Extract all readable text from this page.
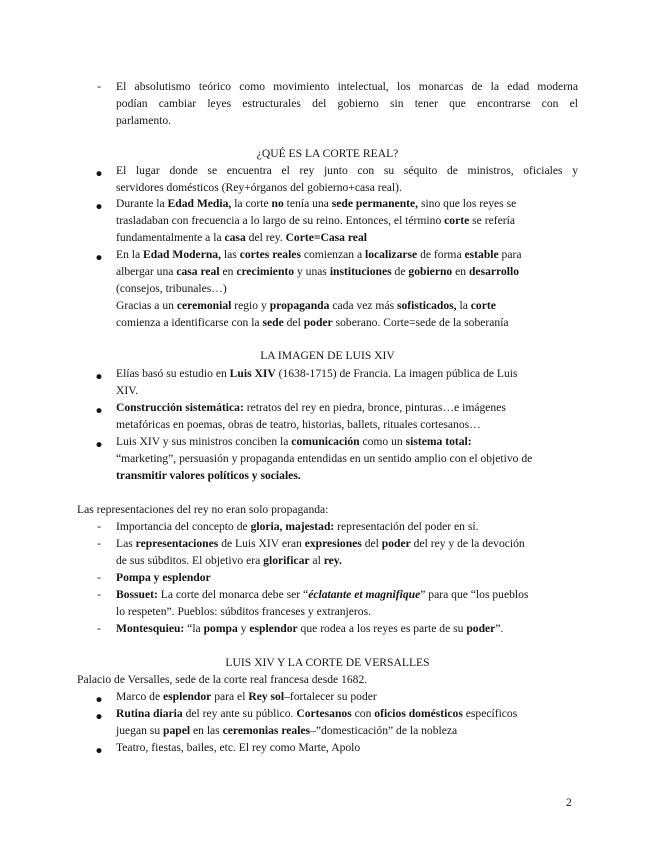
-	El absolutismo teórico como movimiento intelectual, los monarcas de la edad moderna

podían cambiar leyes estructurales del gobierno sin tener que encontrarse con el

parlamento.

¿QUÉ ES LA CORTE REAL?
●	El lugar donde se encuentra el rey junto con su séquito de ministros, oficiales y

servidores domésticos (Rey+órganos del gobierno+casa real).

●	Durante la Edad Media, la corte no tenía una sede permanente, sino que los reyes se

trasladaban con frecuencia a lo largo de su reino. Entonces, el término corte se refería

fundamentalmente a la casa del rey. Corte=Casa real

●	En la Edad Moderna, las cortes reales comienzan a localizarse de forma estable para

albergar una casa real en crecimiento y unas instituciones de gobierno en desarrollo

(consejos, tribunales…)

Gracias a un ceremonial regio y propaganda cada vez más sofisticados, la corte

comienza a identificarse con la sede del poder soberano. Corte=sede de la soberanía

LA IMAGEN DE LUIS XIV
●	Elías basó su estudio en Luis XIV (1638-1715) de Francia. La imagen pública de Luis

XIV.

●	Construcción sistemática: retratos del rey en piedra, bronce, pinturas…e imágenes

metafóricas en poemas, obras de teatro, historias, ballets, rituales cortesanos…

●	Luis XIV y sus ministros conciben la comunicación como un sistema total:

“marketing”, persuasión y propaganda entendidas en un sentido amplio con el objetivo de

transmitir valores políticos y sociales.

Las representaciones del rey no eran solo propaganda:

-	Importancia del concepto de gloria, majestad: representación del poder en sí.

-	Las representaciones de Luis XIV eran expresiones del poder del rey y de la devoción

de sus súbditos. El objetivo era glorificar al rey.

-	Pompa y esplendor

-	Bossuet: La corte del monarca debe ser “éclatante et magnifique” para que “los pueblos

lo respeten”. Pueblos: súbditos franceses y extranjeros.

-	Montesquieu: “la pompa y esplendor que rodea a los reyes es parte de su poder”.

LUIS XIV Y LA CORTE DE VERSALLES

Palacio de Versalles, sede de la corte real francesa desde 1682.

●	Marco de esplendor para el Rey sol–fortalecer su poder

●	Rutina diaria del rey ante su público. Cortesanos con oficios domésticos específicos

juegan su papel en las ceremonias reales–”domesticación” de la nobleza

●	Teatro, fiestas, bailes, etc. El rey como Marte, Apolo

2
